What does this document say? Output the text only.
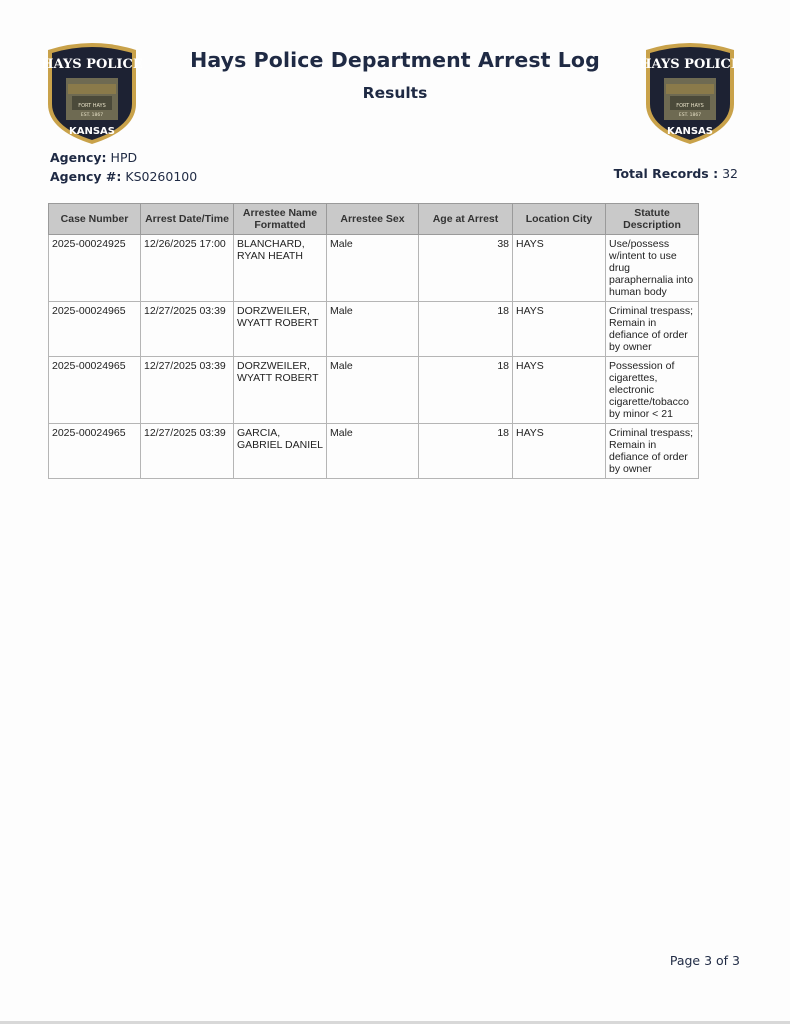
HAYS POLICE
FORT HAYS
EST. 1867
KANSAS
HAYS POLICE
FORT HAYS
EST. 1867
KANSAS
Hays Police Department Arrest Log
Results
Agency: HPD
Agency #: KS0260100	Total Records : 32
Case Number	Arrest Date/Time	Arrestee Name Formatted	Arrestee Sex	Age at Arrest	Location City	Statute Description
2025-00024925	12/26/2025 17:00	BLANCHARD, RYAN HEATH	Male	38	HAYS	Use/possess w/intent to use drug paraphernalia into human body
2025-00024965	12/27/2025 03:39	DORZWEILER, WYATT ROBERT	Male	18	HAYS	Criminal trespass; Remain in defiance of order by owner
2025-00024965	12/27/2025 03:39	DORZWEILER, WYATT ROBERT	Male	18	HAYS	Possession of cigarettes, electronic cigarette/tobacco by minor < 21
2025-00024965	12/27/2025 03:39	GARCIA, GABRIEL DANIEL	Male	18	HAYS	Criminal trespass; Remain in defiance of order by owner
Page 3 of 3
